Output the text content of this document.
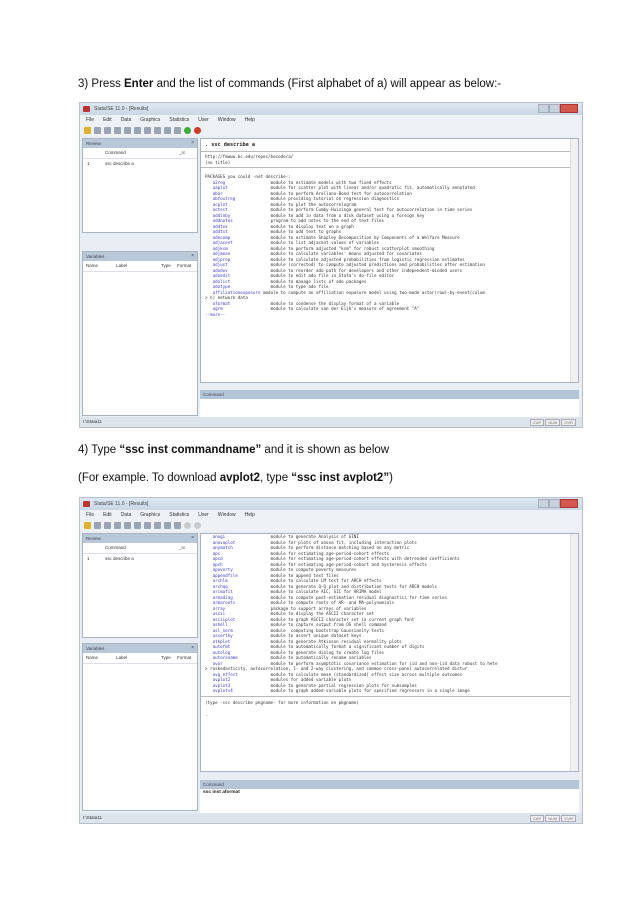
3) Press Enter and the list of commands (First alphabet of a) will appear as below:-
Stata/SE 11.0 - [Results]
File Edit Data Graphics Statistics User Window Help
Review	×
Command	_rc
1	ssc describe a
Variables	×
Name	Label	Type	Format
. ssc describe a
http://fmwww.bc.edu/repec/bocode/a/
(no title)
PACKAGES you could -net describe-:
a2reg	module to estimate models with two fixed effects
aaplot	module for scatter plot with linear and/or quadratic fit, automatically annotated
abar	module to perform Arellano-Bond test for autocorrelation
abfoutreg	module providing tutorial on regression diagnostics
acplot	module to plot the autocorrelogram
actest	module to perform Cumby-Huizinga general test for autocorrelation in time series
addinby	module to add in data from a disk dataset using a foreign key
addnotes	program to add notes to the end of text files
addtex	module to display text on a graph
addtxt	module to add text to graphs
adecomp	module to estimate Shapley Decomposition by Components of a Welfare Measure
adjacent	module to list adjacent values of variables
adjksm	module to perform adjusted "ksm" for robust scatterplot smoothing
adjmean	module to calculate variables' means adjusted for covariates
adjprop	module to calculate adjusted probabilities from logistic regression estimates
adjust	module (corrected) to compute adjusted predictions and probabilities after estimation
adodev	module to reorder ado-path for developers and other independent-minded users
adoedit	module to edit ado file in Stata's do-file editor
adolist	module to manage lists of ado packages
adotype	module to type ado file
affiliationexposure module to compute an affiliation exposure model using two-mode actor(row)-by-event(colum
> n) network data
aformat	module to condense the display format of a variable
agrm	module to calculate van der Eijk's measure of agreement "A"
--more--
Command
I:\Stata11	CAP	NUM	OVR
4) Type “ssc inst commandname” and it is shown as below
(For example. To download avplot2, type “ssc inst avplot2”)
Stata/SE 11.0 - [Results]
File Edit Data Graphics Statistics User Window Help
Review	×
Command	_rc
1	ssc describe a
Variables	×
Name	Label	Type	Format
anogi	module to generate Analysis of GINI
anovaplot	module for plots of anova fit, including interaction plots
anymatch	module to perform distance matching based on any metric
apc	module for estimating age-period-cohort effects
apcd	module for estimating age-period-cohort effects with detrended coefficients
apch	module for estimating age-period-cohort and hysteresis effects
apoverty	module to compute poverty measures
appendfile	module to append text files
archlm	module to calculate LM test for ARCH effects
archqq	module to generate Q-Q plot and distribution tests for ARCH models
arimafit	module to calculate AIC, SIC for ARIMA model
armadiag	module to compute post-estimation residual diagnostics for time series
armaroots	module to compute roots of AR- and MA-polynomials
array	package to support arrays of variables
ascii	module to display the ASCII character set
asciiplot	module to graph ASCII character set in current graph font
ashell	module to capture output from OS shell command
asl_norm	module  computing bootstrap Gaussianity tests
assertky	module to assert unique dataset keys
atkplot	module to generate Atkinson residual normality plots
autofmt	module to automatically format a significant number of digits
autolog	module to generate dialog to create log files
autorename	module to automatically rename variables
avar	module to perform asymptotic covariance estimation for iid and non-iid data robust to hete
> roskedasticity, autocorrelation, 1- and 2-way clustering, and common cross-panel autocorrelated distur
avg_effect	module to calculate mean (standardized) effect size across multiple outcomes
avplot2	modules for added variable plots
avplot3	module to generate partial regression plots for subsamples
avplots4	module to graph added-variable plots for specified regressors in a single image
(type -ssc describe pkgname- for more information on pkgname)
.
Command
ssc inst aformat
I:\Stata11	CAP	NUM	OVR
